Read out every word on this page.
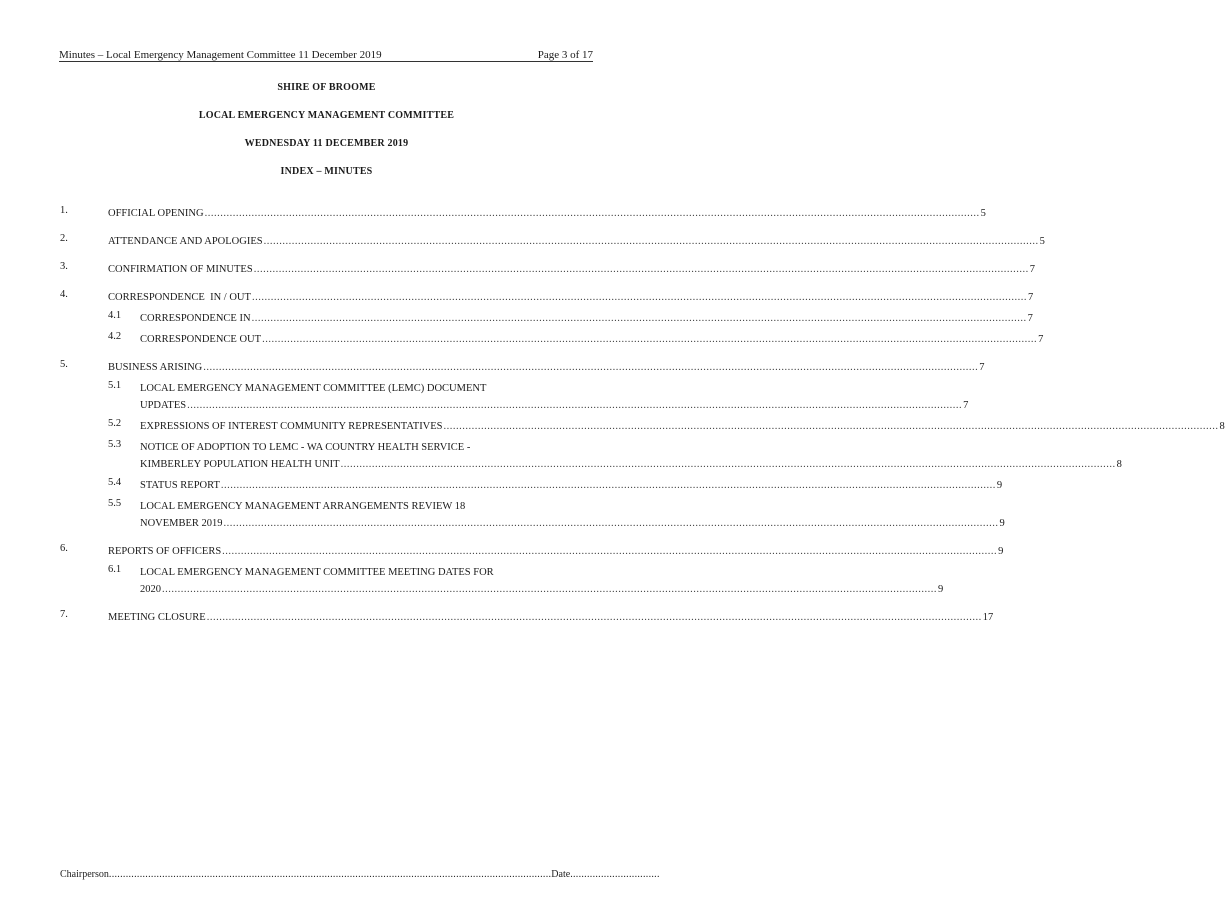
Minutes – Local Emergency Management Committee 11 December 2019	Page 3 of 17
SHIRE OF BROOME
LOCAL EMERGENCY MANAGEMENT COMMITTEE
WEDNESDAY 11 DECEMBER 2019
INDEX – MINUTES
1.	OFFICIAL OPENING .....	5
2.	ATTENDANCE AND APOLOGIES .....	5
3.	CONFIRMATION OF MINUTES .....	7
4.	CORRESPONDENCE  IN / OUT .....	7
4.1	CORRESPONDENCE IN .....	7
4.2	CORRESPONDENCE OUT .....	7
5.	BUSINESS ARISING .....	7
5.1	LOCAL EMERGENCY MANAGEMENT COMMITTEE (LEMC) DOCUMENT
UPDATES .....	7
5.2	EXPRESSIONS OF INTEREST COMMUNITY REPRESENTATIVES .....	8
5.3	NOTICE OF ADOPTION TO LEMC - WA COUNTRY HEALTH SERVICE -
KIMBERLEY POPULATION HEALTH UNIT .....	8
5.4	STATUS REPORT .....	9
5.5	LOCAL EMERGENCY MANAGEMENT ARRANGEMENTS REVIEW 18
NOVEMBER 2019 .....	9
6.	REPORTS OF OFFICERS .....	9
6.1	LOCAL EMERGENCY MANAGEMENT COMMITTEE MEETING DATES FOR
2020 .....	9
7.	MEETING CLOSURE .....	17
Chairperson..............................................................................................................................................................Date................................
